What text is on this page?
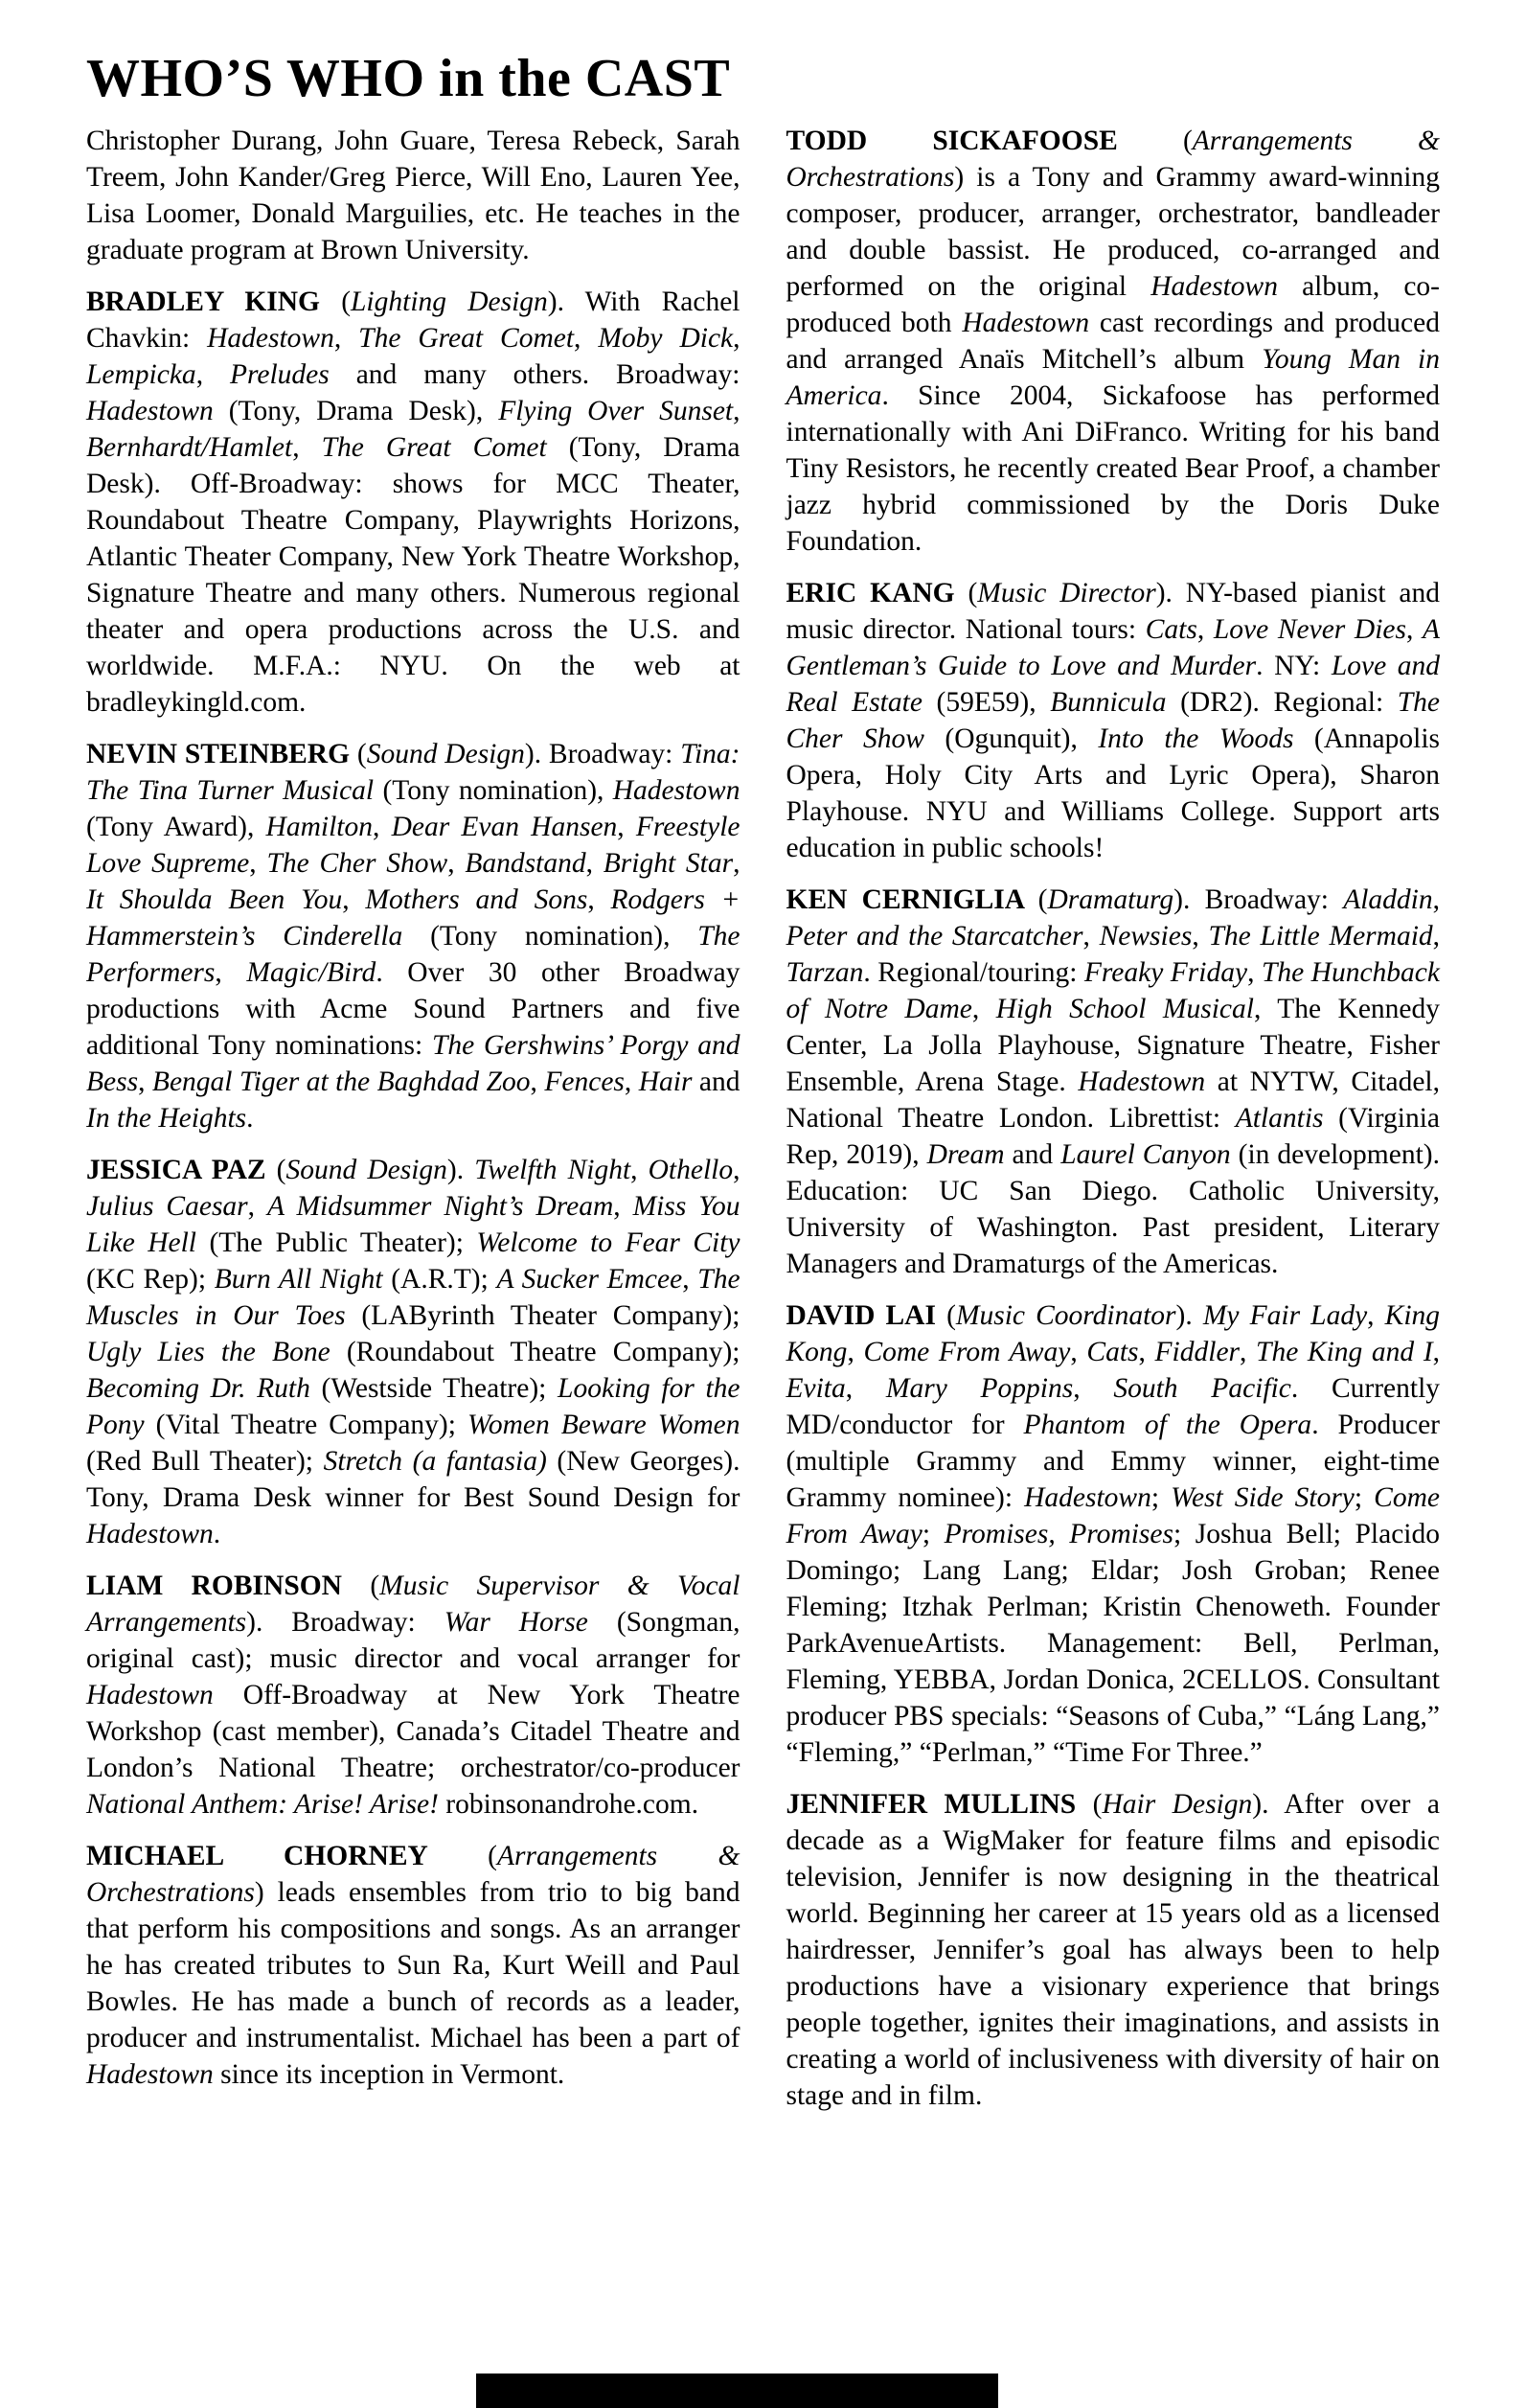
WHO’S WHO in the CAST

Christopher Durang, John Guare, Teresa Rebeck, Sarah Treem, John Kander/Greg Pierce, Will Eno, Lauren Yee, Lisa Loomer, Donald Marguilies, etc. He teaches in the graduate program at Brown University.

BRADLEY KING (Lighting Design). With Rachel Chavkin: Hadestown, The Great Comet, Moby Dick, Lempicka, Preludes and many others. Broadway: Hadestown (Tony, Drama Desk), Flying Over Sunset, Bernhardt/Hamlet, The Great Comet (Tony, Drama Desk). Off-Broadway: shows for MCC Theater, Roundabout Theatre Company, Playwrights Horizons, Atlantic Theater Company, New York Theatre Workshop, Signature Theatre and many others. Numerous regional theater and opera productions across the U.S. and worldwide. M.F.A.: NYU. On the web at bradleykingld.com.

NEVIN STEINBERG (Sound Design). Broadway: Tina: The Tina Turner Musical (Tony nomination), Hadestown (Tony Award), Hamilton, Dear Evan Hansen, Freestyle Love Supreme, The Cher Show, Bandstand, Bright Star, It Shoulda Been You, Mothers and Sons, Rodgers + Hammerstein’s Cinderella (Tony nomination), The Performers, Magic/Bird. Over 30 other Broadway productions with Acme Sound Partners and five additional Tony nominations: The Gershwins’ Porgy and Bess, Bengal Tiger at the Baghdad Zoo, Fences, Hair and In the Heights.

JESSICA PAZ (Sound Design). Twelfth Night, Othello, Julius Caesar, A Midsummer Night’s Dream, Miss You Like Hell (The Public Theater); Welcome to Fear City (KC Rep); Burn All Night (A.R.T); A Sucker Emcee, The Muscles in Our Toes (LAByrinth Theater Company); Ugly Lies the Bone (Roundabout Theatre Company); Becoming Dr. Ruth (Westside Theatre); Looking for the Pony (Vital Theatre Company); Women Beware Women (Red Bull Theater); Stretch (a fantasia) (New Georges). Tony, Drama Desk winner for Best Sound Design for Hadestown.

LIAM ROBINSON (Music Supervisor & Vocal Arrangements). Broadway: War Horse (Songman, original cast); music director and vocal arranger for Hadestown Off-Broadway at New York Theatre Workshop (cast member), Canada’s Citadel Theatre and London’s National Theatre; orchestrator/co-producer National Anthem: Arise! Arise! robinsonandrohe.com.

MICHAEL CHORNEY (Arrangements & Orchestrations) leads ensembles from trio to big band that perform his compositions and songs. As an arranger he has created tributes to Sun Ra, Kurt Weill and Paul Bowles. He has made a bunch of records as a leader, producer and instrumentalist. Michael has been a part of Hadestown since its inception in Vermont.

TODD SICKAFOOSE (Arrangements & Orchestrations) is a Tony and Grammy award-winning composer, producer, arranger, orchestrator, bandleader and double bassist. He produced, co-arranged and performed on the original Hadestown album, co-produced both Hadestown cast recordings and produced and arranged Anaïs Mitchell’s album Young Man in America. Since 2004, Sickafoose has performed internationally with Ani DiFranco. Writing for his band Tiny Resistors, he recently created Bear Proof, a chamber jazz hybrid commissioned by the Doris Duke Foundation.

ERIC KANG (Music Director). NY-based pianist and music director. National tours: Cats, Love Never Dies, A Gentleman’s Guide to Love and Murder. NY: Love and Real Estate (59E59), Bunnicula (DR2). Regional: The Cher Show (Ogunquit), Into the Woods (Annapolis Opera, Holy City Arts and Lyric Opera), Sharon Playhouse. NYU and Williams College. Support arts education in public schools!

KEN CERNIGLIA (Dramaturg). Broadway: Aladdin, Peter and the Starcatcher, Newsies, The Little Mermaid, Tarzan. Regional/touring: Freaky Friday, The Hunchback of Notre Dame, High School Musical, The Kennedy Center, La Jolla Playhouse, Signature Theatre, Fisher Ensemble, Arena Stage. Hadestown at NYTW, Citadel, National Theatre London. Librettist: Atlantis (Virginia Rep, 2019), Dream and Laurel Canyon (in development). Education: UC San Diego. Catholic University, University of Washington. Past president, Literary Managers and Dramaturgs of the Americas.

DAVID LAI (Music Coordinator). My Fair Lady, King Kong, Come From Away, Cats, Fiddler, The King and I, Evita, Mary Poppins, South Pacific. Currently MD/conductor for Phantom of the Opera. Producer (multiple Grammy and Emmy winner, eight-time Grammy nominee): Hadestown; West Side Story; Come From Away; Promises, Promises; Joshua Bell; Placido Domingo; Lang Lang; Eldar; Josh Groban; Renee Fleming; Itzhak Perlman; Kristin Chenoweth. Founder ParkAvenueArtists. Management: Bell, Perlman, Fleming, YEBBA, Jordan Donica, 2CELLOS. Consultant producer PBS specials: “Seasons of Cuba,” “Láng Lang,” “Fleming,” “Perlman,” “Time For Three.”

JENNIFER MULLINS (Hair Design). After over a decade as a WigMaker for feature films and episodic television, Jennifer is now designing in the theatrical world. Beginning her career at 15 years old as a licensed hairdresser, Jennifer’s goal has always been to help productions have a visionary experience that brings people together, ignites their imaginations, and assists in creating a world of inclusiveness with diversity of hair on stage and in film.
